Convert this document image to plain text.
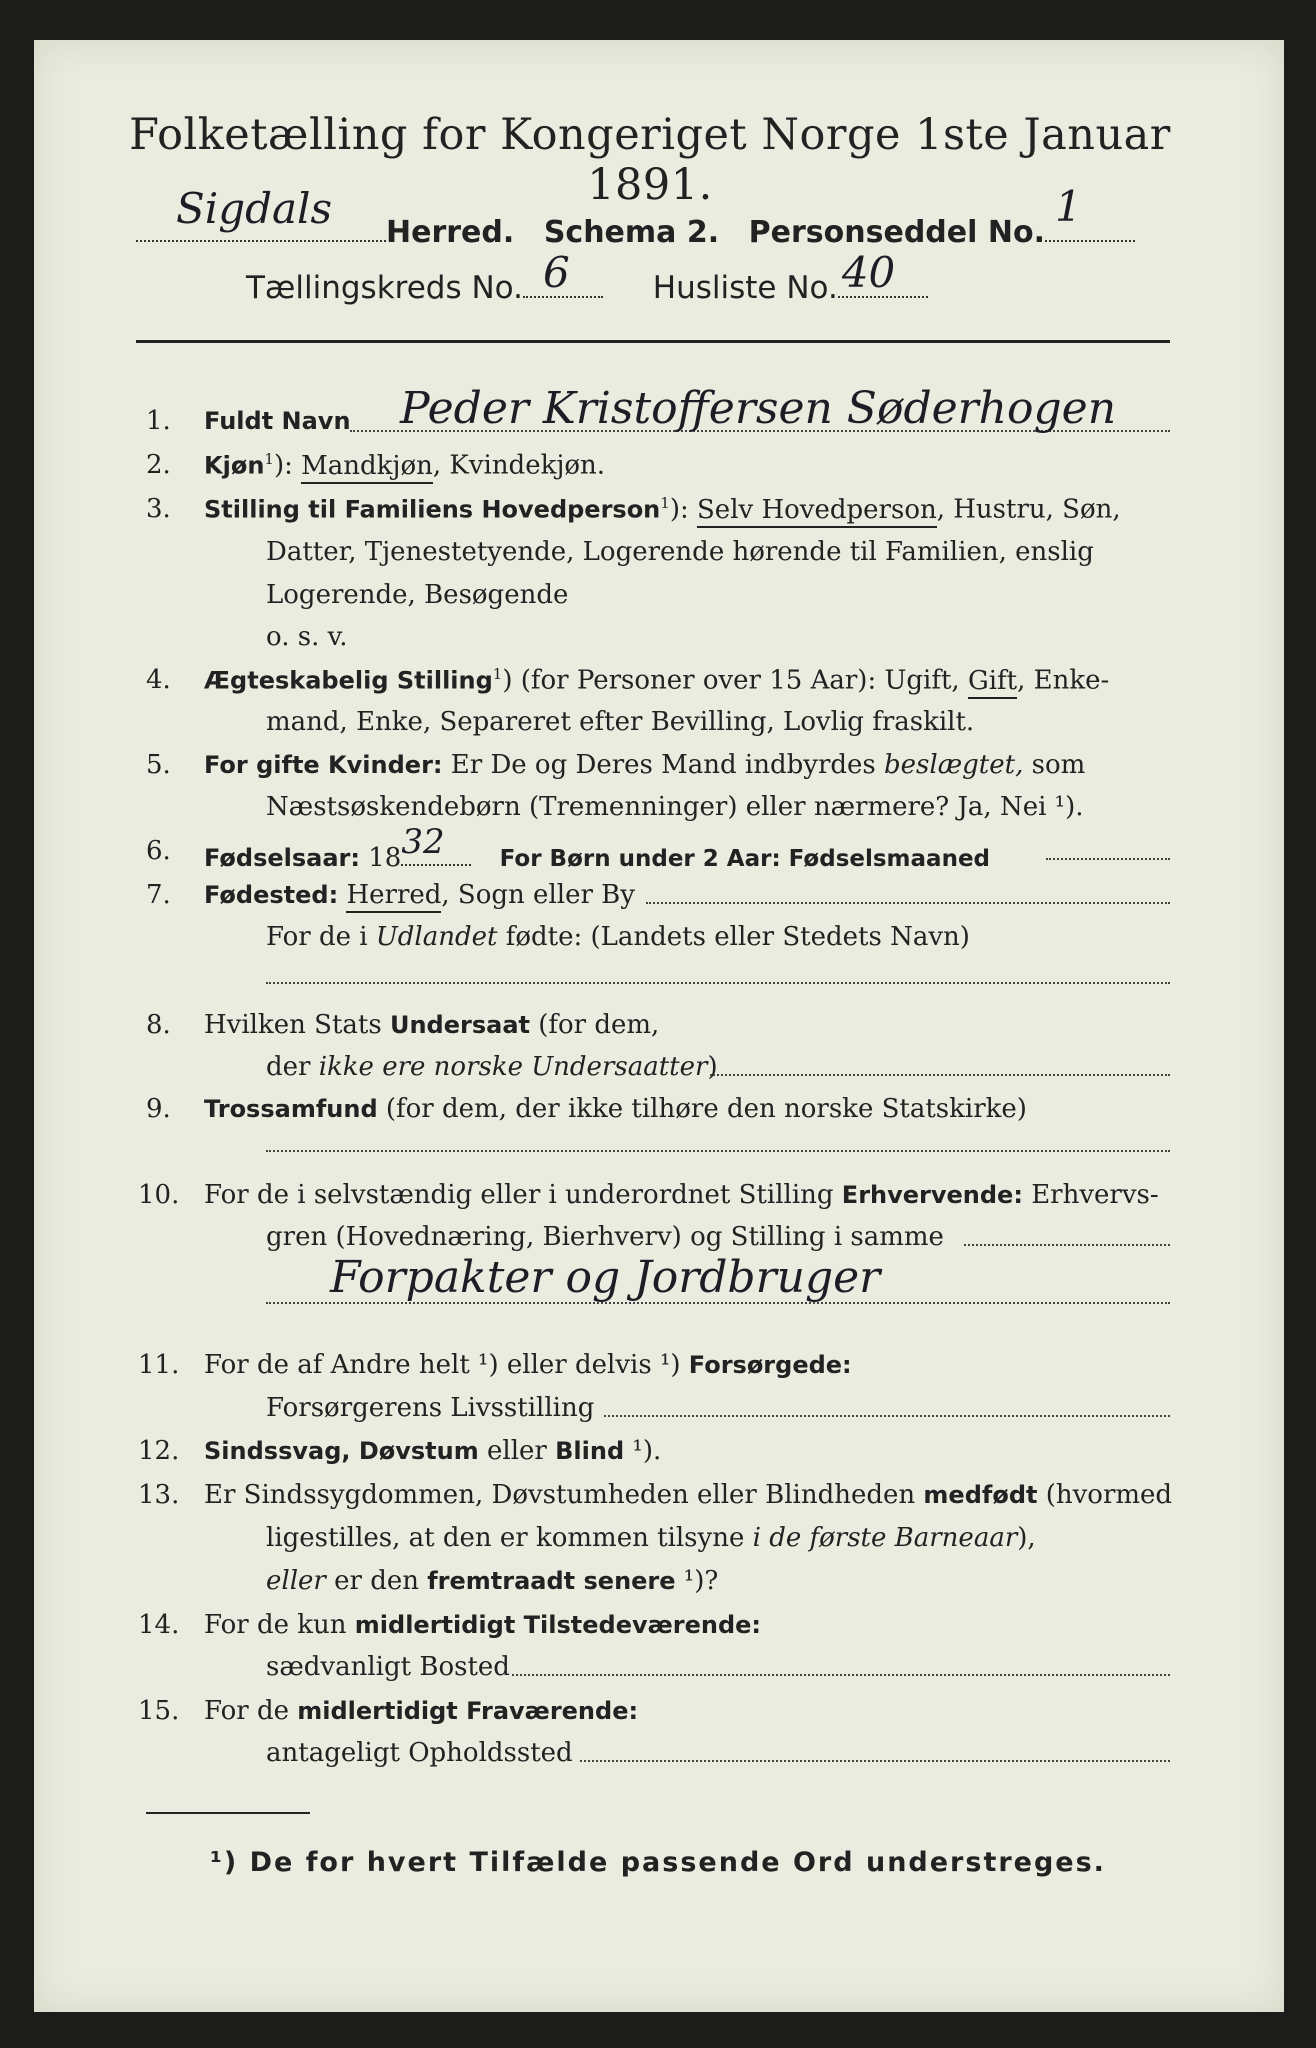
Folketælling for Kongeriget Norge 1ste Januar 1891.
Sigdals Herred. Schema 2. Personseddel No.
1
Tællingskreds No. 6	Husliste No. 40
1. Fuldt Navn Peder Kristoffersen Søderhogen
2. Kjøn$^1$): Mandkjøn, Kvindekjøn.
3. Stilling til Familiens Hovedperson$^1$): Selv Hovedperson, Hustru, Søn,
Datter, Tjenestetyende, Logerende hørende til Familien, enslig
Logerende, Besøgende
o. s. v.
4. Ægteskabelig Stilling$^1$) (for Personer over 15 Aar): Ugift, Gift, Enke-
mand, Enke, Separeret efter Bevilling, Lovlig fraskilt.
5. For gifte Kvinder: Er De og Deres Mand indbyrdes beslægtet, som
Næstsøskendebørn (Tremenninger) eller nærmere? Ja, Nei ¹).
6. Fødselsaar: 18 32 For Børn under 2 Aar: Fødselsmaaned
7. Fødested: Herred, Sogn eller By
For de i Udlandet fødte: (Landets eller Stedets Navn)
8. Hvilken Stats Undersaat (for dem,
der ikke ere norske Undersaatter)
9. Trossamfund (for dem, der ikke tilhøre den norske Statskirke)
10. For de i selvstændig eller i underordnet Stilling Erhvervende: Erhvervs-
gren (Hovednæring, Bierhverv) og Stilling i samme
Forpakter og Jordbruger
11. For de af Andre helt ¹) eller delvis ¹) Forsørgede:
Forsørgerens Livsstilling
12. Sindssvag, Døvstum eller Blind ¹).
13. Er Sindssygdommen, Døvstumheden eller Blindheden medfødt (hvormed
ligestilles, at den er kommen tilsyne i de første Barneaar),
eller er den fremtraadt senere ¹)?
14. For de kun midlertidigt Tilstedeværende:
sædvanligt Bosted
15. For de midlertidigt Fraværende:
antageligt Opholdssted
¹) De for hvert Tilfælde passende Ord understreges.
